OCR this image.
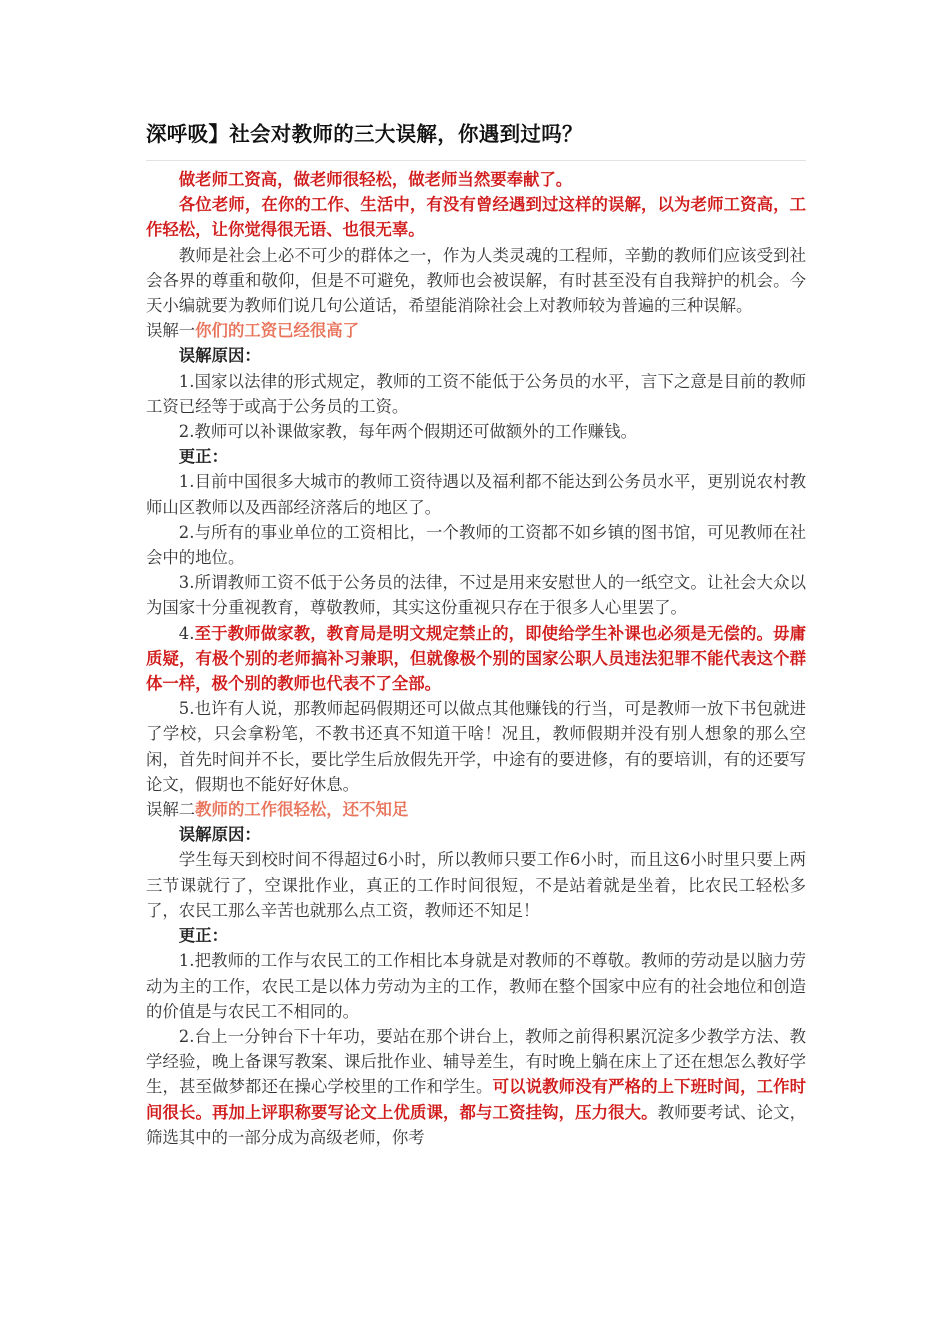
深呼吸】社会对教师的三大误解，你遇到过吗？

做老师工资高，做老师很轻松，做老师当然要奉献了。

各位老师，在你的工作、生活中，有没有曾经遇到过这样的误解，以为老师工资高，工作轻松，让你觉得很无语、也很无辜。

教师是社会上必不可少的群体之一，作为人类灵魂的工程师，辛勤的教师们应该受到社会各界的尊重和敬仰，但是不可避免，教师也会被误解，有时甚至没有自我辩护的机会。今天小编就要为教师们说几句公道话，希望能消除社会上对教师较为普遍的三种误解。

误解一你们的工资已经很高了

误解原因：

1.国家以法律的形式规定，教师的工资不能低于公务员的水平，言下之意是目前的教师工资已经等于或高于公务员的工资。

2.教师可以补课做家教，每年两个假期还可做额外的工作赚钱。

更正：

1.目前中国很多大城市的教师工资待遇以及福利都不能达到公务员水平，更别说农村教师山区教师以及西部经济落后的地区了。

2.与所有的事业单位的工资相比，一个教师的工资都不如乡镇的图书馆，可见教师在社会中的地位。

3.所谓教师工资不低于公务员的法律，不过是用来安慰世人的一纸空文。让社会大众以为国家十分重视教育，尊敬教师，其实这份重视只存在于很多人心里罢了。

4.至于教师做家教，教育局是明文规定禁止的，即使给学生补课也必须是无偿的。毋庸质疑，有极个别的老师搞补习兼职，但就像极个别的国家公职人员违法犯罪不能代表这个群体一样，极个别的教师也代表不了全部。

5.也许有人说，那教师起码假期还可以做点其他赚钱的行当，可是教师一放下书包就进了学校，只会拿粉笔，不教书还真不知道干啥！况且，教师假期并没有别人想象的那么空闲，首先时间并不长，要比学生后放假先开学，中途有的要进修，有的要培训，有的还要写论文，假期也不能好好休息。

误解二教师的工作很轻松，还不知足

误解原因：

学生每天到校时间不得超过6小时，所以教师只要工作6小时，而且这6小时里只要上两三节课就行了，空课批作业，真正的工作时间很短，不是站着就是坐着，比农民工轻松多了，农民工那么辛苦也就那么点工资，教师还不知足！

更正：

1.把教师的工作与农民工的工作相比本身就是对教师的不尊敬。教师的劳动是以脑力劳动为主的工作，农民工是以体力劳动为主的工作，教师在整个国家中应有的社会地位和创造的价值是与农民工不相同的。

2.台上一分钟台下十年功，要站在那个讲台上，教师之前得积累沉淀多少教学方法、教学经验，晚上备课写教案、课后批作业、辅导差生，有时晚上躺在床上了还在想怎么教好学生，甚至做梦都还在操心学校里的工作和学生。可以说教师没有严格的上下班时间，工作时间很长。再加上评职称要写论文上优质课，都与工资挂钩，压力很大。教师要考试、论文，筛选其中的一部分成为高级老师，你考
